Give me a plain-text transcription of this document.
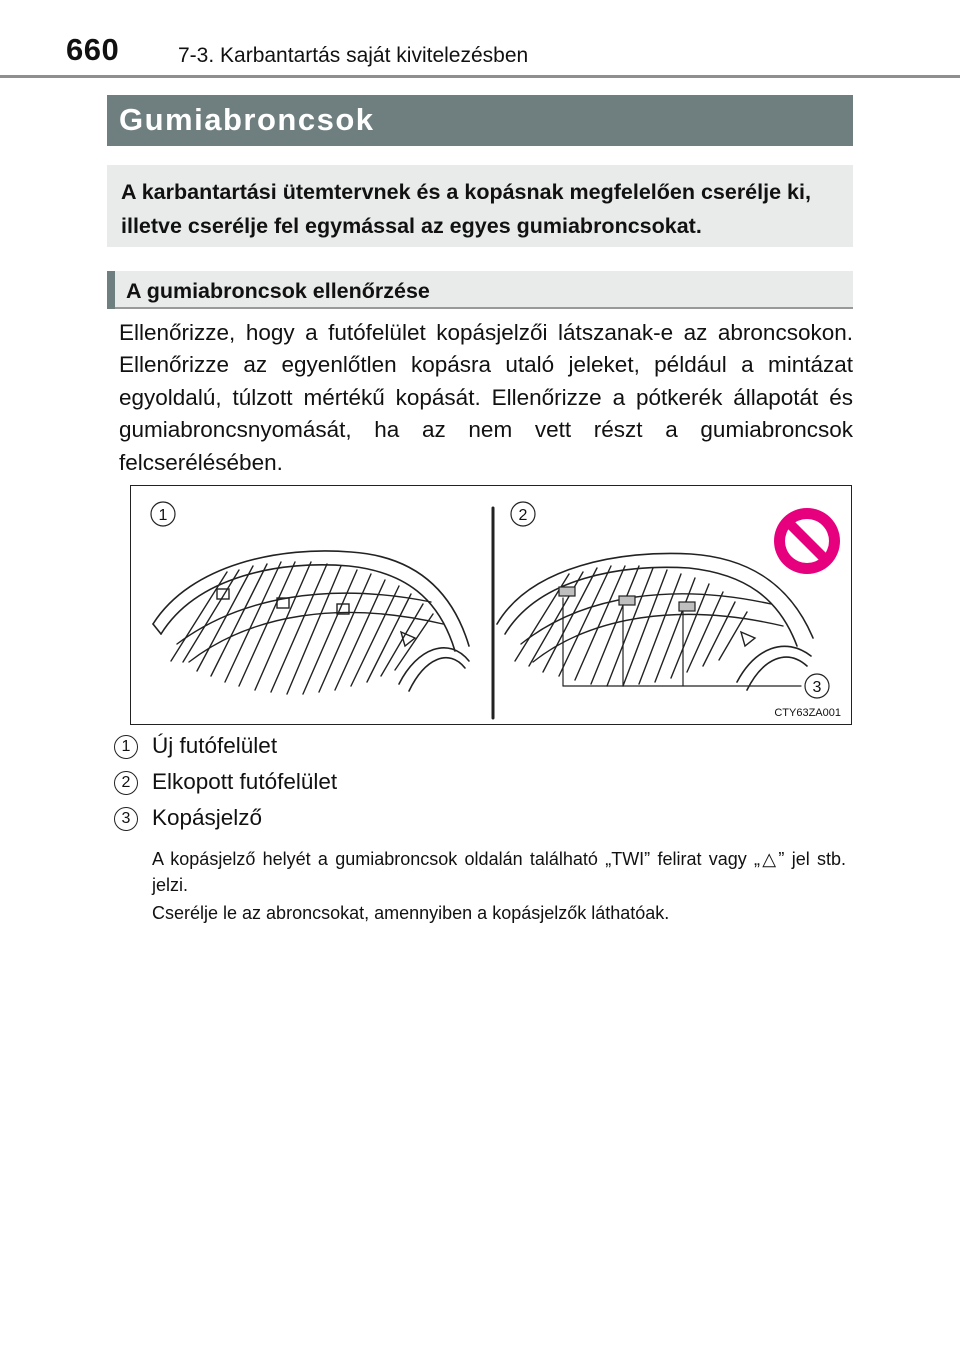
660	7-3. Karbantartás saját kivitelezésben
Gumiabroncsok
A karbantartási ütemtervnek és a kopásnak megfelelően cserélje ki, illetve cserélje fel egymással az egyes gumiabroncsokat.
A gumiabroncsok ellenőrzése
Ellenőrizze, hogy a futófelület kopásjelzői látszanak-e az abroncsokon. Ellenőrizze az egyenlőtlen kopásra utaló jeleket, például a mintázat egyoldalú, túlzott mértékű kopását. Ellenőrizze a pótkerék állapotát és gumiabroncsnyomását, ha az nem vett részt a gumiabroncsok felcserélésében.
1	2
3
CTY63ZA001
1 Új futófelület
2 Elkopott futófelület
3 Kopásjelző
A kopásjelző helyét a gumiabroncsok oldalán található „TWI” felirat vagy „△” jel stb. jelzi.
Cserélje le az abroncsokat, amennyiben a kopásjelzők láthatóak.
